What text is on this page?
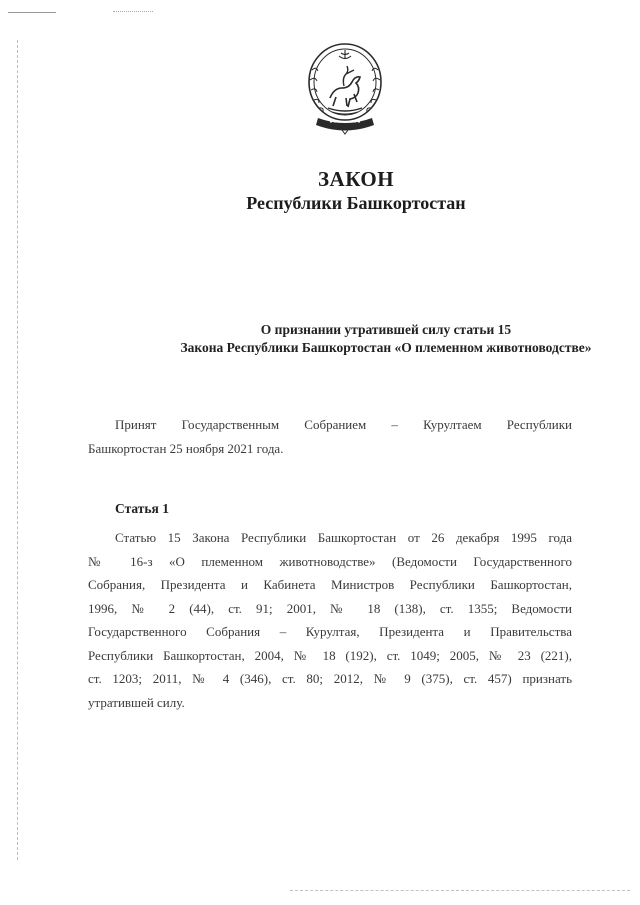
ЗАКОН
Республики Башкортостан
О признании утратившей силу статьи 15
Закона Республики Башкортостан «О племенном животноводстве»
Принят Государственным Собранием – Курултаем Республики
Башкортостан 25 ноября 2021 года.
Статья 1
Статью 15 Закона Республики Башкортостан от 26 декабря 1995 года
№ 16-з «О племенном животноводстве» (Ведомости Государственного
Собрания, Президента и Кабинета Министров Республики Башкортостан,
1996, № 2 (44), ст. 91; 2001, № 18 (138), ст. 1355; Ведомости
Государственного Собрания – Курултая, Президента и Правительства
Республики Башкортостан, 2004, № 18 (192), ст. 1049; 2005, № 23 (221),
ст. 1203; 2011, № 4 (346), ст. 80; 2012, № 9 (375), ст. 457) признать
утратившей силу.
